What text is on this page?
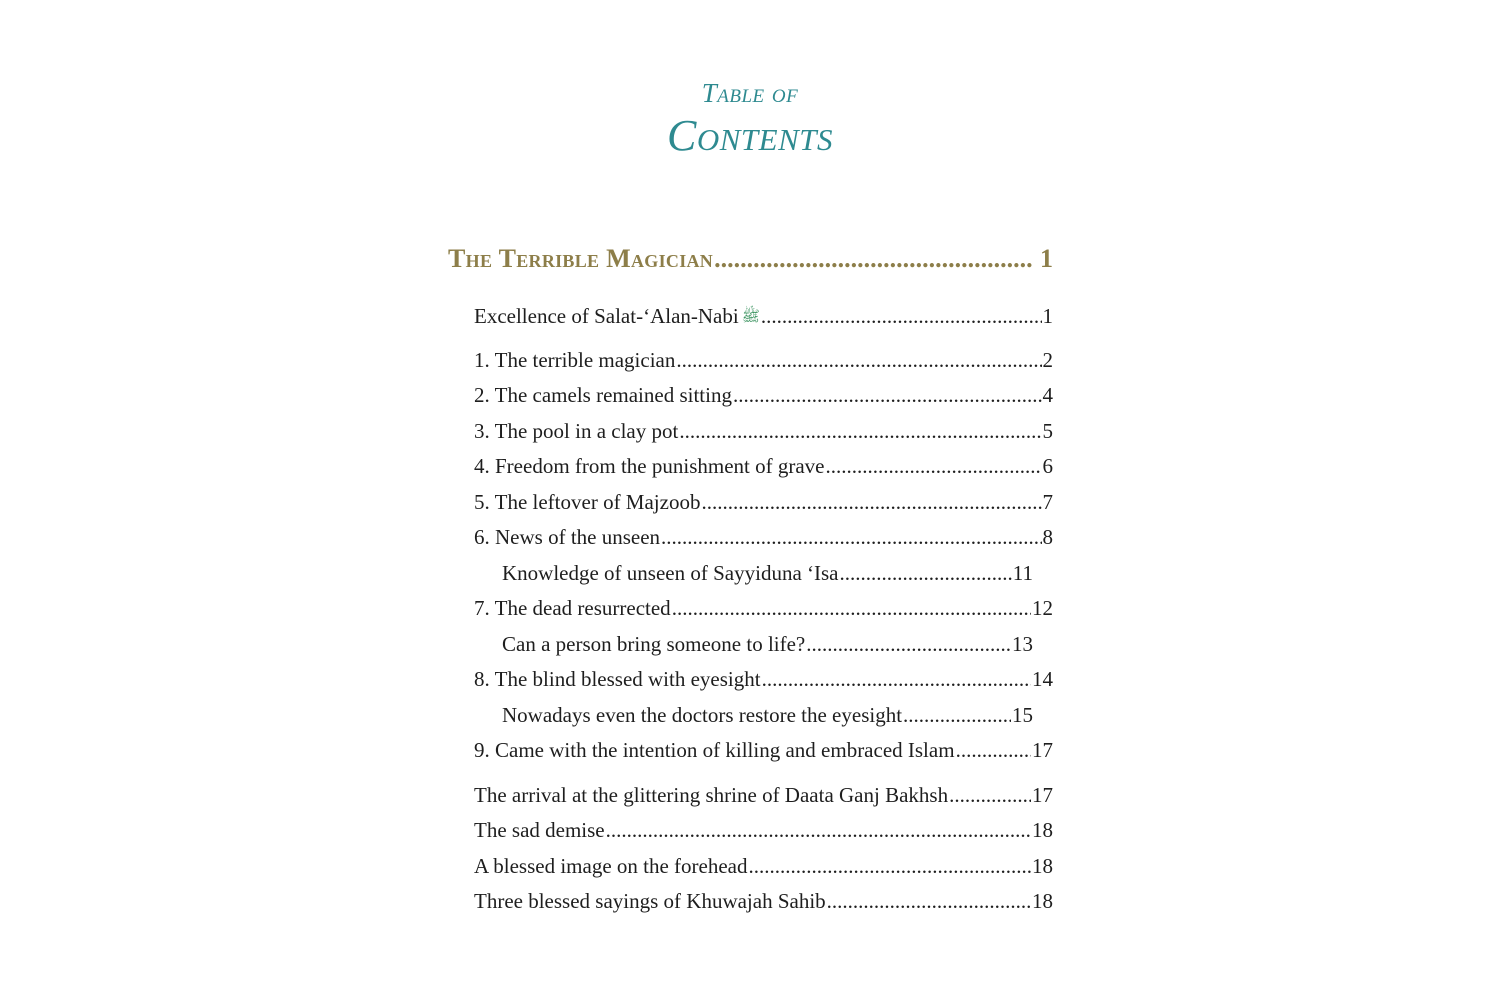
Table of
Contents
The Terrible Magician .....	1
Excellence of Salat-‘Alan-Nabi ﷺ .....	1
1. The terrible magician .....	2
2. The camels remained sitting .....	4
3. The pool in a clay pot .....	5
4. Freedom from the punishment of grave .....	6
5. The leftover of Majzoob .....	7
6. News of the unseen .....	8
Knowledge of unseen of Sayyiduna ‘Isa .....	11
7. The dead resurrected .....	12
Can a person bring someone to life? .....	13
8. The blind blessed with eyesight .....	14
Nowadays even the doctors restore the eyesight .....	15
9. Came with the intention of killing and embraced Islam .....	17
The arrival at the glittering shrine of Daata Ganj Bakhsh .....	17
The sad demise .....	18
A blessed image on the forehead .....	18
Three blessed sayings of Khuwajah Sahib .....	18
